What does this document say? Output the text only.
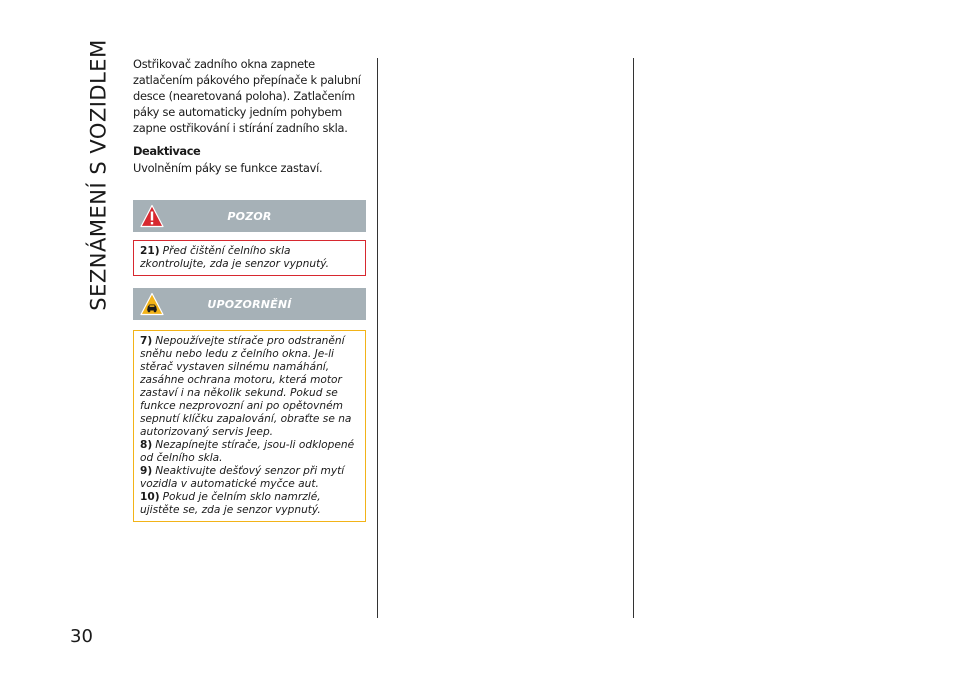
SEZNÁMENÍ S VOZIDLEM
30

Ostřikovač zadního okna zapnete zatlačením pákového přepínače k palubní desce (nearetovaná poloha). Zatlačením páky se automaticky jedním pohybem zapne ostřikování i stírání zadního skla.

Deaktivace

Uvolněním páky se funkce zastaví.

POZOR

21) Před čištění čelního skla zkontrolujte, zda je senzor vypnutý.

UPOZORNĚNÍ

7) Nepoužívejte stírače pro odstranění sněhu nebo ledu z čelního okna. Je-li stěrač vystaven silnému namáhání, zasáhne ochrana motoru, která motor zastaví i na několik sekund. Pokud se funkce nezprovozní ani po opětovném sepnutí klíčku zapalování, obraťte se na autorizovaný servis Jeep.

8) Nezapínejte stírače, jsou-li odklopené od čelního skla.

9) Neaktivujte dešťový senzor při mytí vozidla v automatické myčce aut.

10) Pokud je čelním sklo namrzlé, ujistěte se, zda je senzor vypnutý.
